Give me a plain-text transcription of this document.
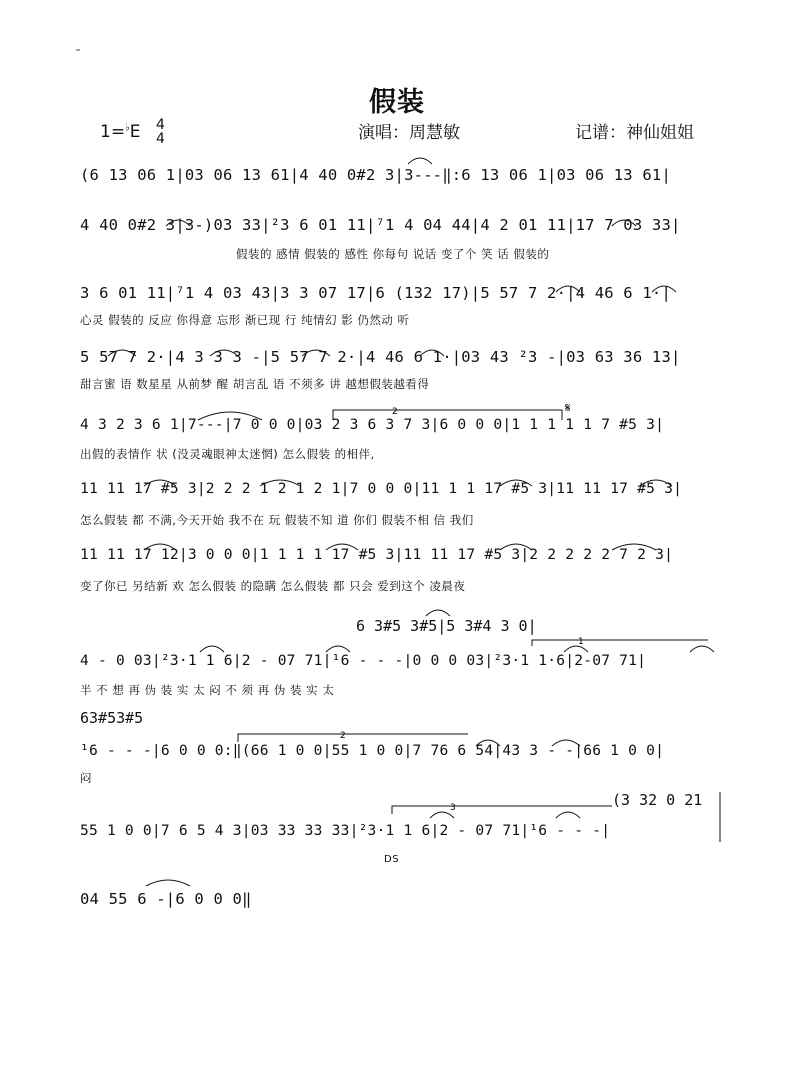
2
1
2
3
𝄋
假装
1=♭E 4
4	演唱：周慧敏	记谱：神仙姐姐
(6 13 06 1|03 06 13 61|4 40 0#2 3|3---‖:6 13 06 1|03 06 13 61|
4 40 0#2 3|3-)03 33|²3 6 01 11|⁷1 4 04 44|4 2 01 11|17 7 03 33|
假装的 感情 假装的 感性 你每句 说话 变了个 笑 话 假装的
3 6 01 11|⁷1 4 03 43|3 3 07 17|6 (132 17)|5 57 7 2·|4 46 6 1·|
心灵 假装的 反应 你得意 忘形 渐已现 行 纯情幻 影 仍然动 听
5 57 7 2·|4 3 3 3 -|5 57 7 2·|4 46 6 1·|03 43 ²3 -|03 63 36 13|
甜言蜜 语 数星星 从前梦 醒 胡言乱 语 不须多 讲 越想假装越看得
4 3 2 3 6 1|7---|7 0 0 0|03 2 3 6 3 7 3|6 0 0 0|1 1 1 1 1 7 #5 3|
出假的表情作 状 (没灵魂眼神太迷惘) 怎么假装 的相伴,
11 11 17 #5 3|2 2 2 1 2 1 2 1|7 0 0 0|11 1 1 17 #5 3|11 11 17 #5 3|
怎么假装 都 不满,今天开始 我不在 玩 假装不知 道 你们 假装不相 信 我们
11 11 17 12|3 0 0 0|1 1 1 1 17 #5 3|11 11 17 #5 3|2 2 2 2 2 7 2 3|
变了你已 另结新 欢 怎么假装 的隐瞒 怎么假装 都 只会 爱到这个 凌晨夜
6 3#5 3#5|5 3#4 3 0|
4 - 0 03|²3·1 1 6|2 - 07 71|¹6 - - -|0 0 0 03|²3·1 1·6|2-07 71|
半 不 想 再 伪 装 实 太 闷 不 须 再 伪 装 实 太
63#53#5
¹6 - - -|6 0 0 0:‖(66 1 0 0|55 1 0 0|7 76 6 54|43 3 - -|66 1 0 0|
闷
(3 32 0 21
55 1 0 0|7 6 5 4 3|03 33 33 33|²3·1 1 6|2 - 07 71|¹6 - - -|
DS
04 55 6 -|6 0 0 0‖
